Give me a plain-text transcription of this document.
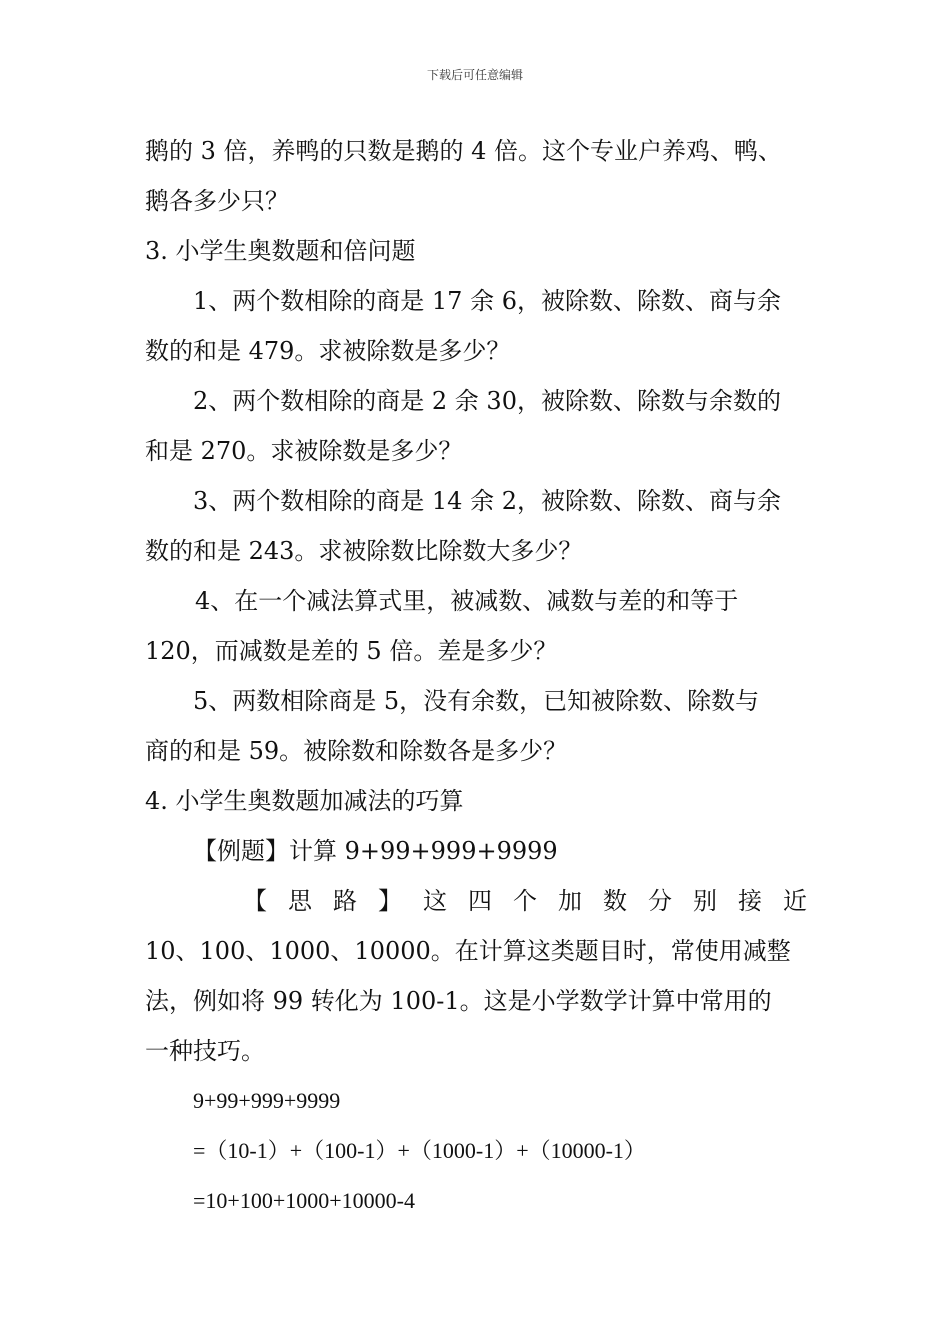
下载后可任意编辑
鹅的 3 倍，养鸭的只数是鹅的 4 倍。这个专业户养鸡、鸭、
鹅各多少只？
3. 小学生奥数题和倍问题
1、两个数相除的商是 17 余 6，被除数、除数、商与余
数的和是 479。求被除数是多少？
2、两个数相除的商是 2 余 30，被除数、除数与余数的
和是 270。求被除数是多少？
3、两个数相除的商是 14 余 2，被除数、除数、商与余
数的和是 243。求被除数比除数大多少？
4、在一个减法算式里，被减数、减数与差的和等于
120，而减数是差的 5 倍。差是多少？
5、两数相除商是 5，没有余数，已知被除数、除数与
商的和是 59。被除数和除数各是多少？
4. 小学生奥数题加减法的巧算
【例题】计算 9+99+999+9999
【 思 路 】 这 四 个 加 数 分 别 接 近
10、100、1000、10000。在计算这类题目时，常使用减整
法，例如将 99 转化为 100-1。这是小学数学计算中常用的
一种技巧。
9+99+999+9999
=（10-1）+（100-1）+（1000-1）+（10000-1）
=10+100+1000+10000-4
